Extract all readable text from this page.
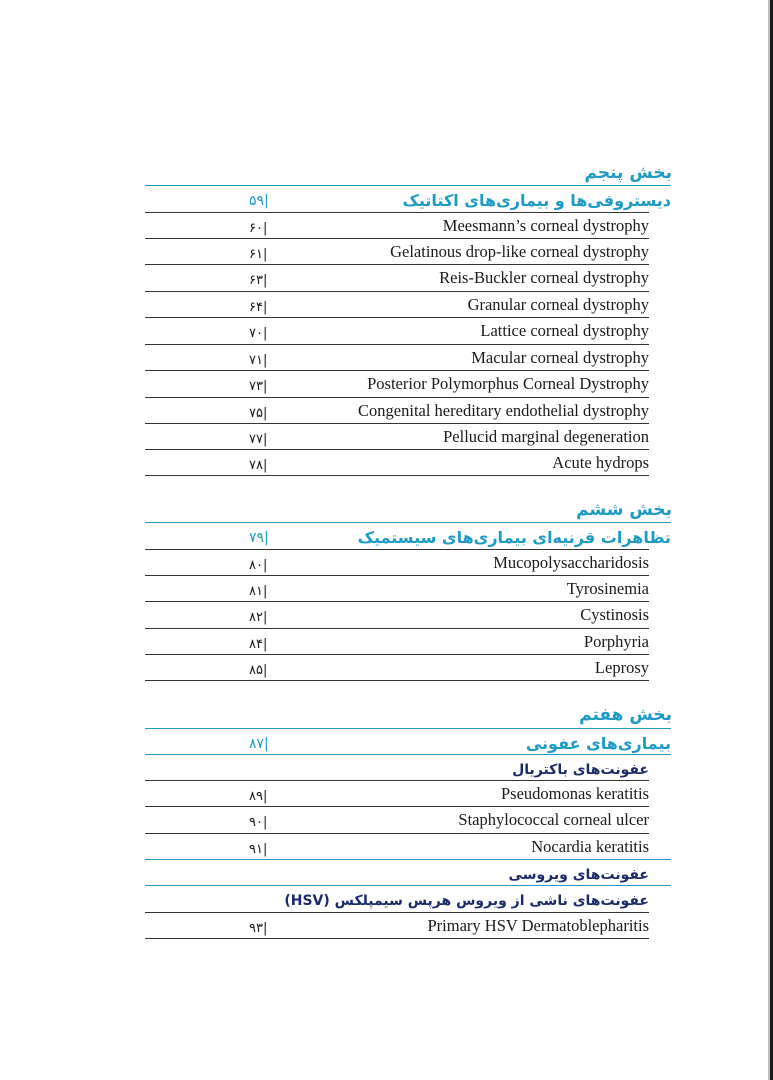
بخش پنجم
۵۹|	دیستروفی‌ها و بیماری‌های اکتاتیک
۶۰|	Meesmann’s corneal dystrophy
۶۱|	Gelatinous drop-like corneal dystrophy
۶۳|	Reis-Buckler corneal dystrophy
۶۴|	Granular corneal dystrophy
۷۰|	Lattice corneal dystrophy
۷۱|	Macular corneal dystrophy
۷۳|	Posterior Polymorphus Corneal Dystrophy
۷۵|	Congenital hereditary endothelial dystrophy
۷۷|	Pellucid marginal degeneration
۷۸|	Acute hydrops
بخش ششم
۷۹|	تظاهرات قرنیه‌ای بیماری‌های سیستمیک
۸۰|	Mucopolysaccharidosis
۸۱|	Tyrosinemia
۸۲|	Cystinosis
۸۴|	Porphyria
۸۵|	Leprosy
بخش هفتم
۸۷|	بیماری‌های عفونی
عفونت‌های باکتریال
۸۹|	Pseudomonas keratitis
۹۰|	Staphylococcal corneal ulcer
۹۱|	Nocardia keratitis
عفونت‌های ویروسی
عفونت‌های ناشی از ویروس هرپس سیمپلکس (HSV)
۹۳|	Primary HSV Dermatoblepharitis
